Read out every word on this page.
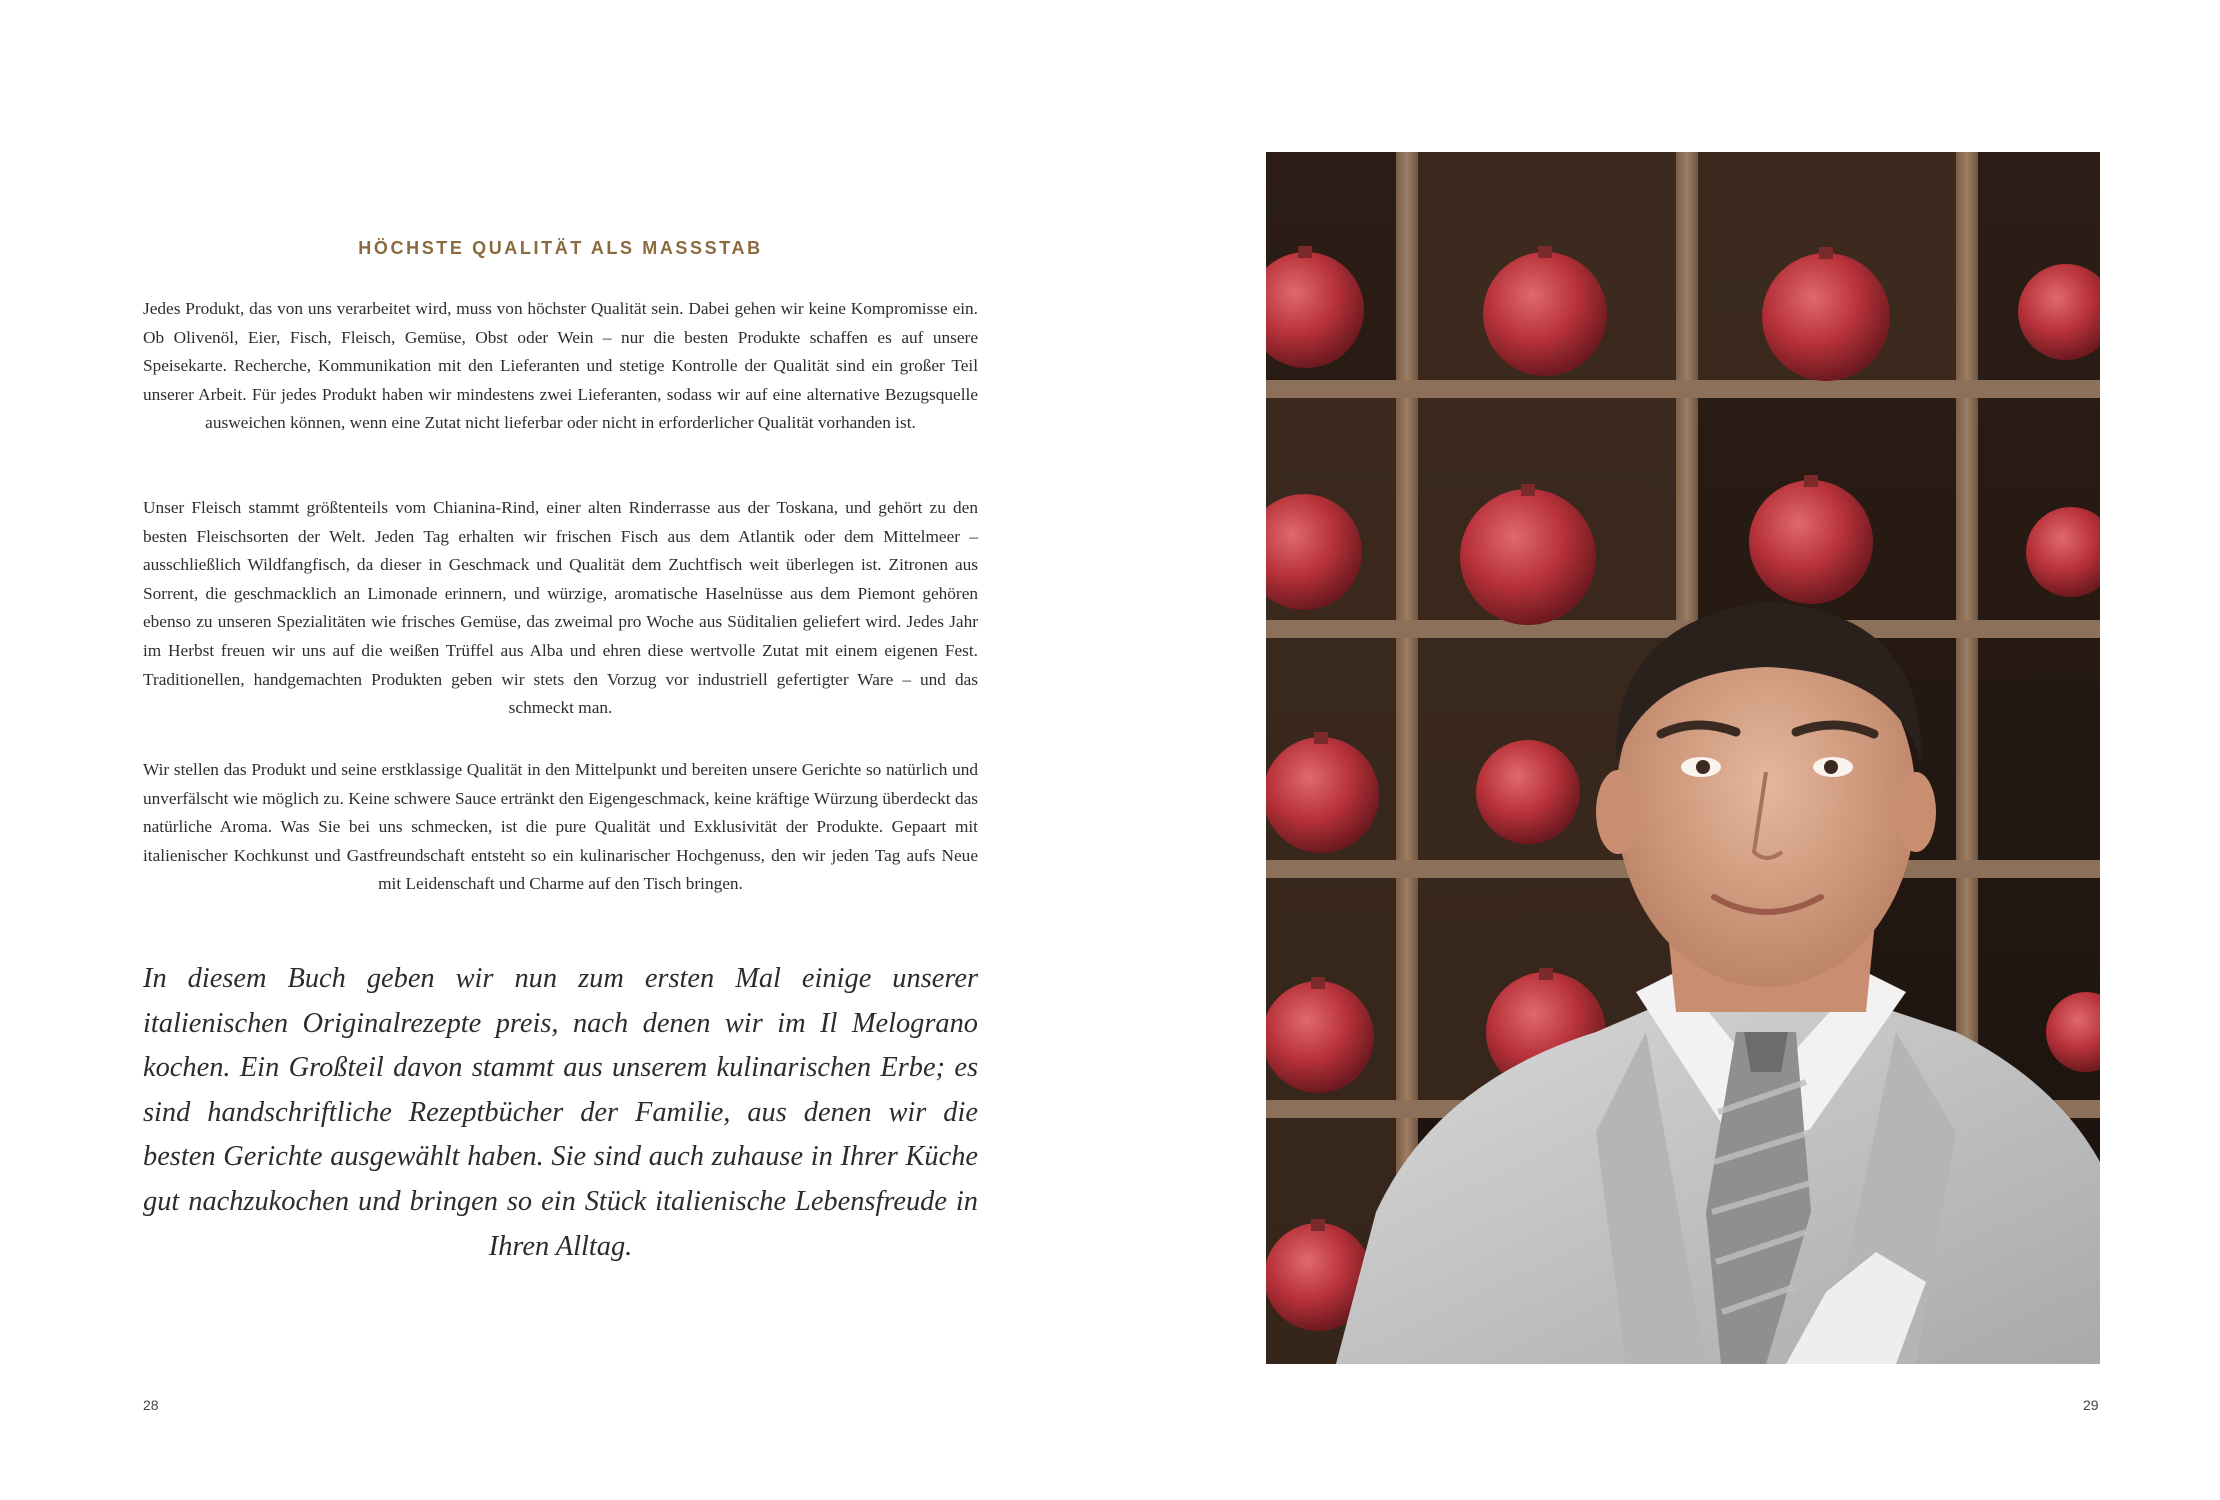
HÖCHSTE QUALITÄT ALS MASSSTAB

Jedes Produkt, das von uns verarbeitet wird, muss von höchster Qualität sein. Dabei gehen wir keine Kompromisse ein. Ob Olivenöl, Eier, Fisch, Fleisch, Gemüse, Obst oder Wein – nur die besten Produkte schaffen es auf unsere Speisekarte. Recherche, Kommunikation mit den Lieferanten und stetige Kontrolle der Qualität sind ein großer Teil unserer Arbeit. Für jedes Produkt haben wir mindestens zwei Lieferanten, sodass wir auf eine alternative Bezugsquelle ausweichen können, wenn eine Zutat nicht lieferbar oder nicht in erforderlicher Qualität vorhanden ist.

Unser Fleisch stammt größtenteils vom Chianina-Rind, einer alten Rinderrasse aus der Toskana, und gehört zu den besten Fleischsorten der Welt. Jeden Tag erhalten wir frischen Fisch aus dem Atlantik oder dem Mittelmeer – ausschließlich Wildfangfisch, da dieser in Geschmack und Qualität dem Zuchtfisch weit überlegen ist. Zitronen aus Sorrent, die geschmacklich an Limonade erinnern, und würzige, aromatische Haselnüsse aus dem Piemont gehören ebenso zu unseren Spezialitäten wie frisches Gemüse, das zweimal pro Woche aus Süditalien geliefert wird. Jedes Jahr im Herbst freuen wir uns auf die weißen Trüffel aus Alba und ehren diese wertvolle Zutat mit einem eigenen Fest. Traditionellen, handgemachten Produkten geben wir stets den Vorzug vor industriell gefertigter Ware – und das schmeckt man.

Wir stellen das Produkt und seine erstklassige Qualität in den Mittelpunkt und bereiten unsere Gerichte so natürlich und unverfälscht wie möglich zu. Keine schwere Sauce ertränkt den Eigengeschmack, keine kräftige Würzung überdeckt das natürliche Aroma. Was Sie bei uns schmecken, ist die pure Qualität und Exklusivität der Produkte. Gepaart mit italienischer Kochkunst und Gastfreundschaft entsteht so ein kulinarischer Hochgenuss, den wir jeden Tag aufs Neue mit Leidenschaft und Charme auf den Tisch bringen.

In diesem Buch geben wir nun zum ersten Mal einige unserer italienischen Originalrezepte preis, nach denen wir im Il Melograno kochen. Ein Großteil davon stammt aus unserem kulinarischen Erbe; es sind handschriftliche Rezeptbücher der Familie, aus denen wir die besten Gerichte ausgewählt haben. Sie sind auch zuhause in Ihrer Küche gut nachzukochen und bringen so ein Stück italienische Lebensfreude in Ihren Alltag.

28	29
